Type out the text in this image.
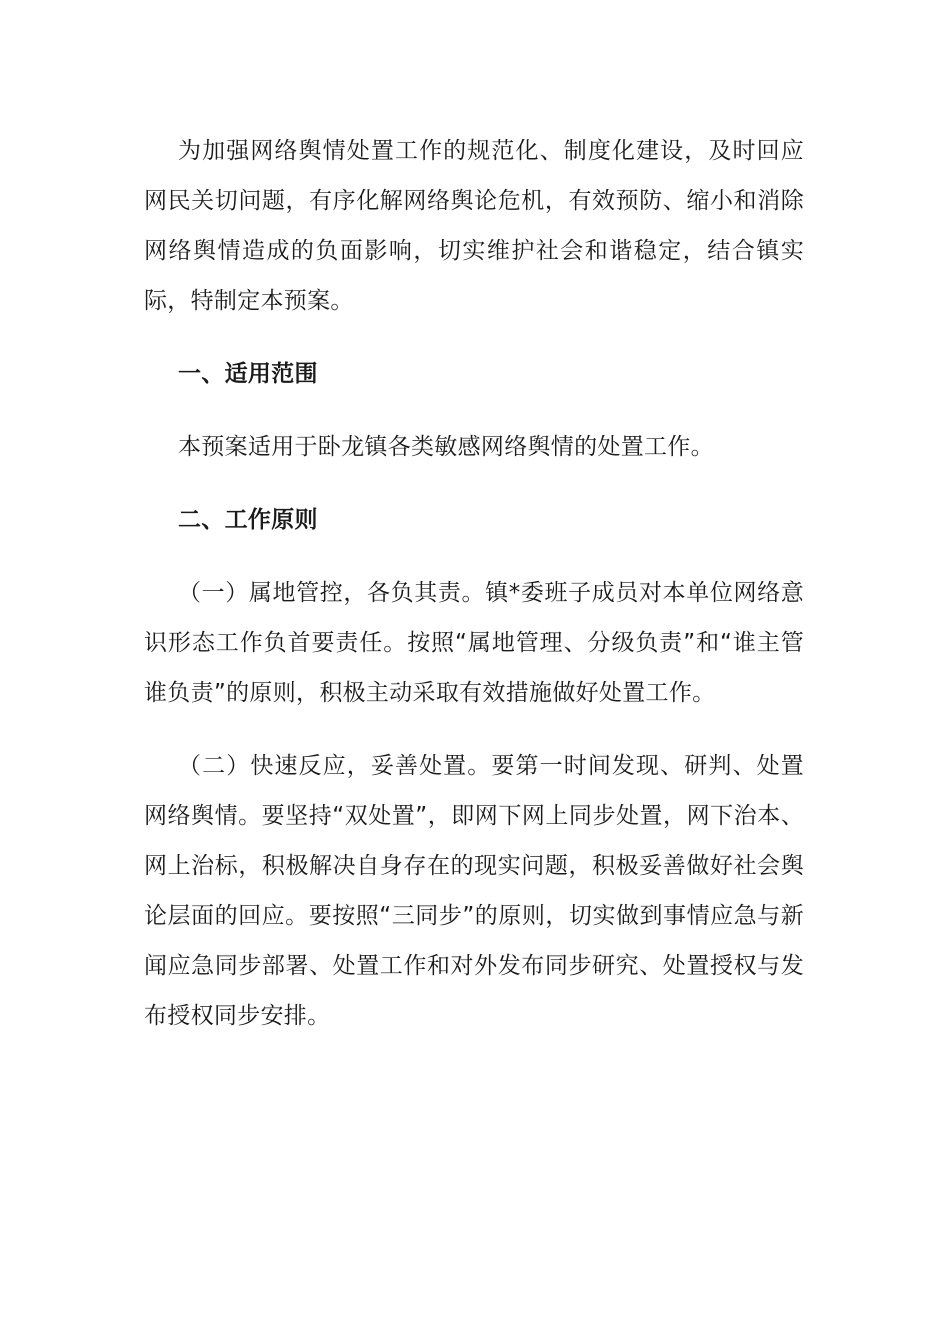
为加强网络舆情处置工作的规范化、制度化建设，及时回应网民关切问题，有序化解网络舆论危机，有效预防、缩小和消除网络舆情造成的负面影响，切实维护社会和谐稳定，结合镇实际，特制定本预案。

一、适用范围

本预案适用于卧龙镇各类敏感网络舆情的处置工作。

二、工作原则

（一）属地管控，各负其责。镇*委班子成员对本单位网络意识形态工作负首要责任。按照“属地管理、分级负责”和“谁主管谁负责”的原则，积极主动采取有效措施做好处置工作。

（二）快速反应，妥善处置。要第一时间发现、研判、处置网络舆情。要坚持“双处置”，即网下网上同步处置，网下治本、网上治标，积极解决自身存在的现实问题，积极妥善做好社会舆论层面的回应。要按照“三同步”的原则，切实做到事情应急与新闻应急同步部署、处置工作和对外发布同步研究、处置授权与发布授权同步安排。
